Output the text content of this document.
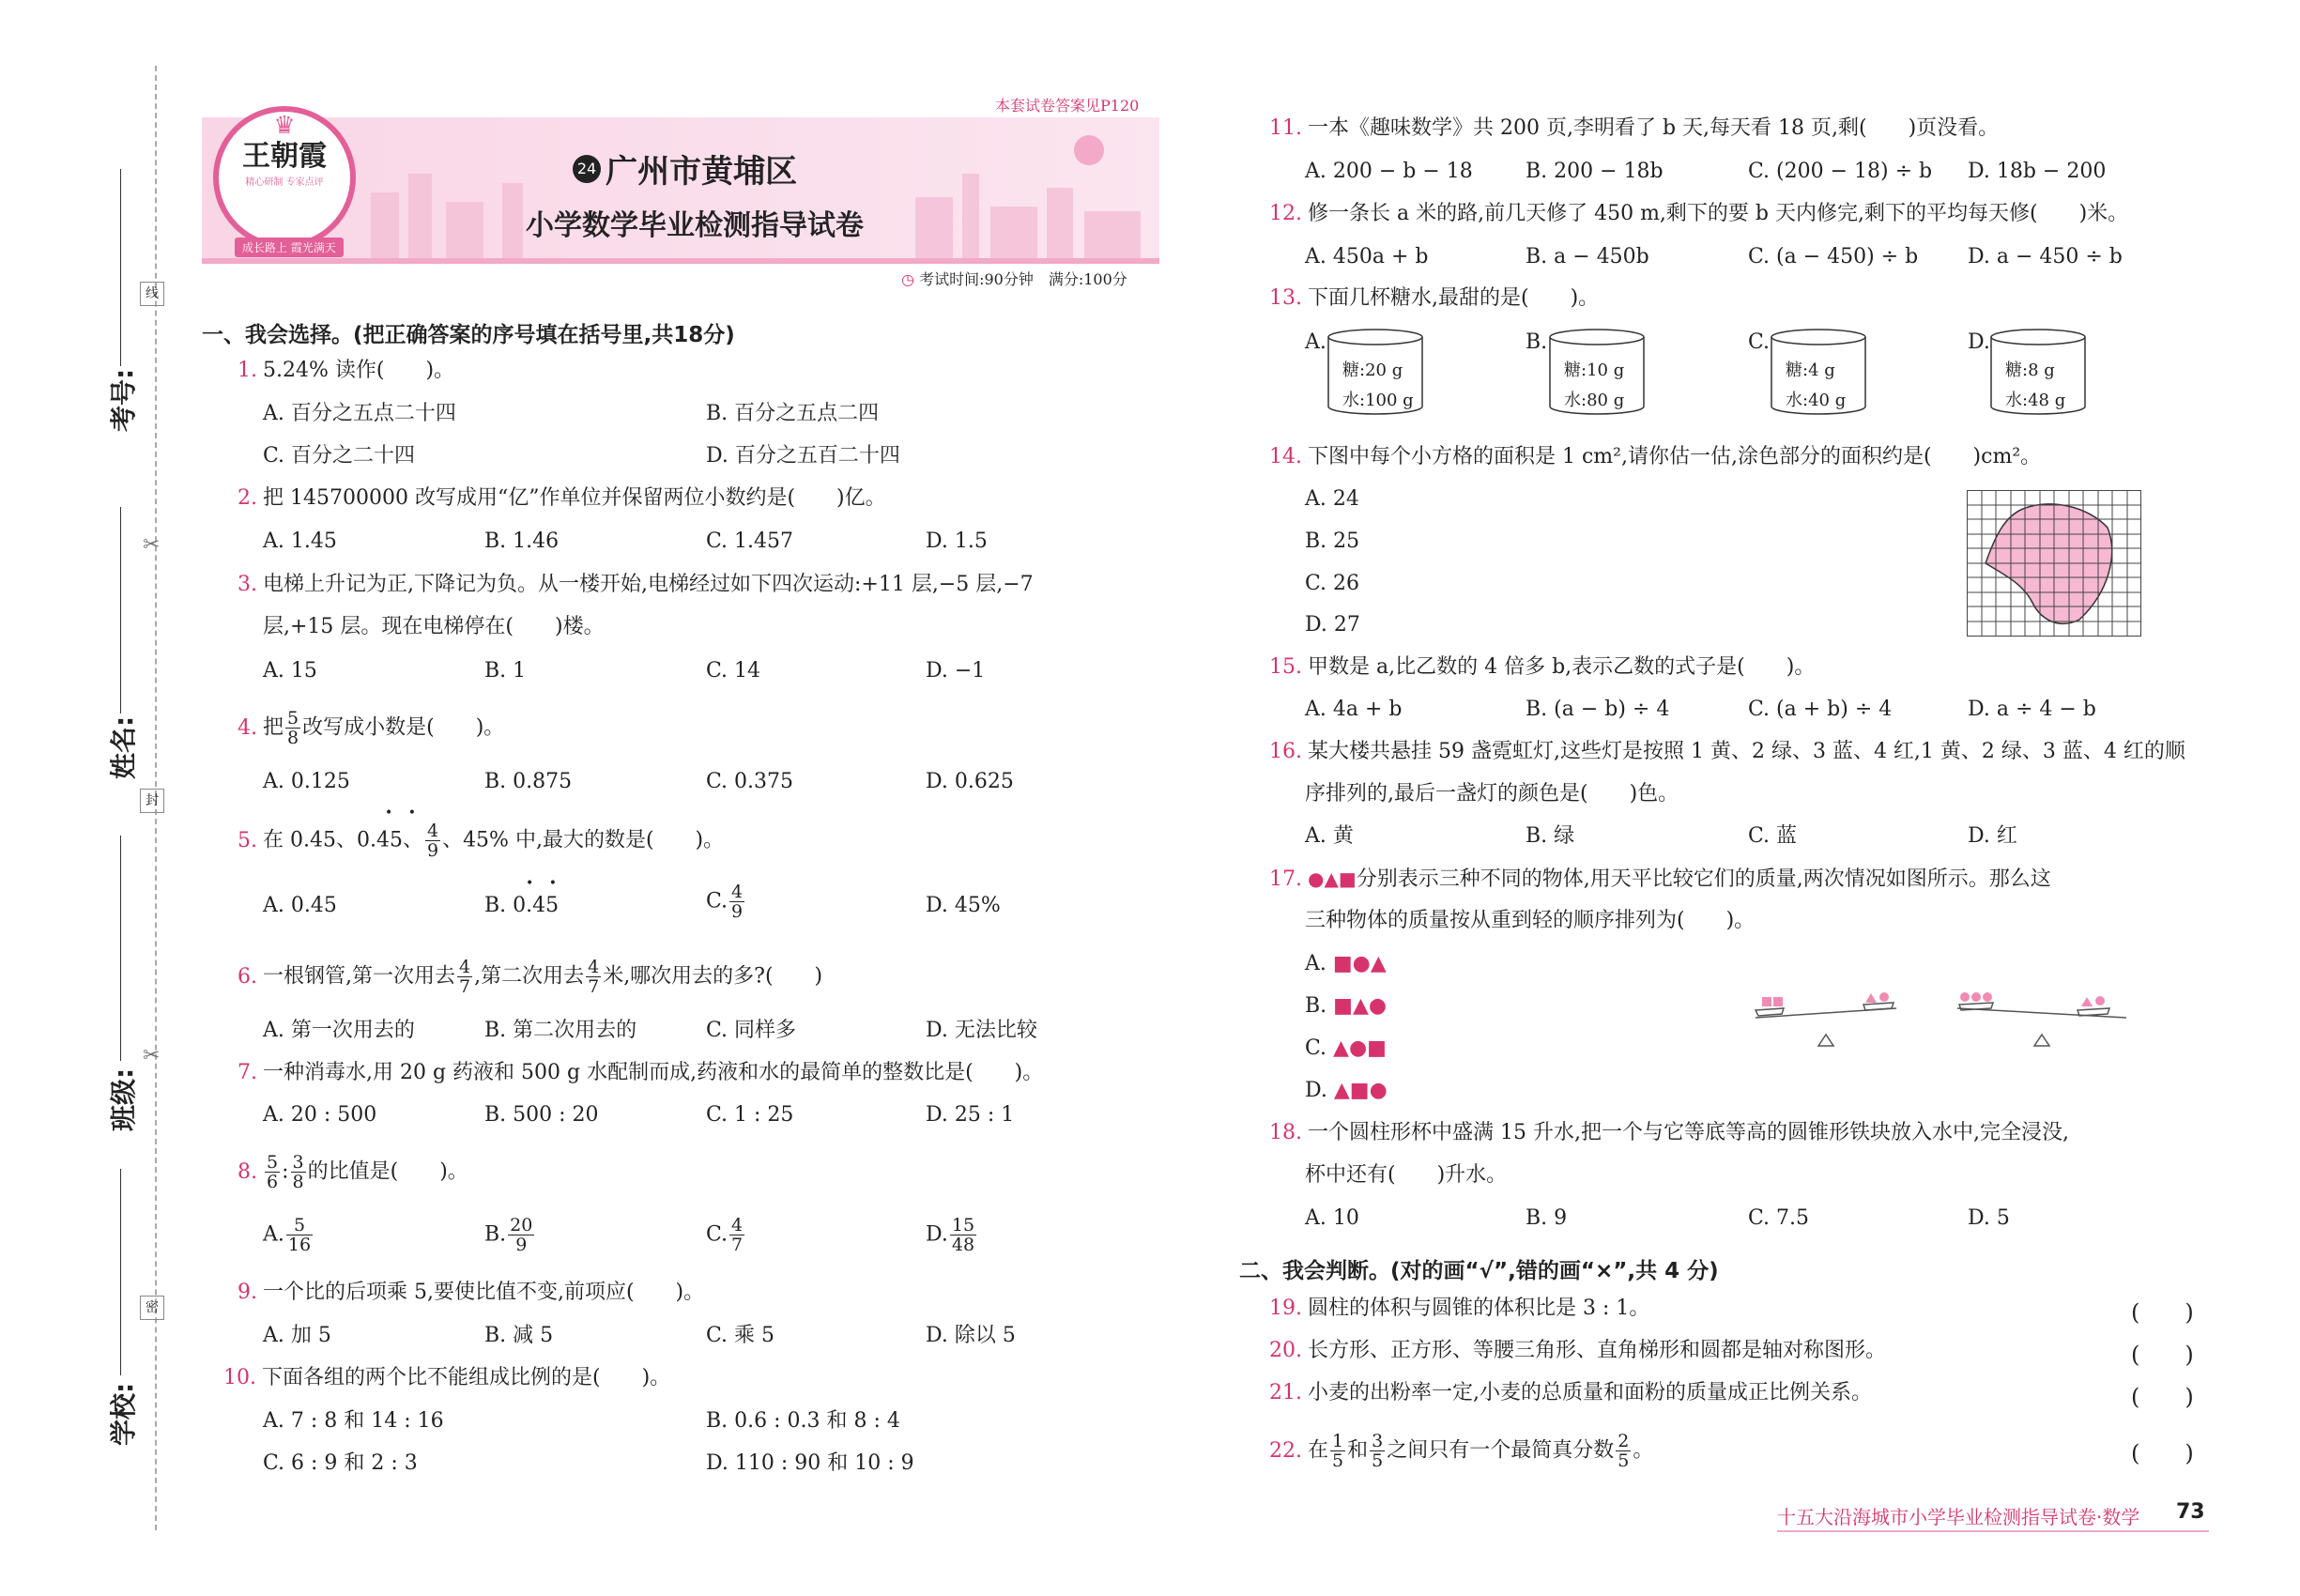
考号:
姓名:
班级:
学校:
线
封
密
✂
✂
本套试卷答案见P120
♛
王朝霞
精心研制 专家点评
成长路上 霞光满天
24 广州市黄埔区
小学数学毕业检测指导试卷
◷ 考试时间:90分钟　满分:100分
一、我会选择。(把正确答案的序号填在括号里,共18分)
1. 5.24% 读作(　　)。
A. 百分之五点二十四	B. 百分之五点二四
C. 百分之二十四	D. 百分之五百二十四
2. 把 145700000 改写成用“亿”作单位并保留两位小数约是(　　)亿。
A. 1.45	B. 1.46	C. 1.457	D. 1.5
3. 电梯上升记为正,下降记为负。从一楼开始,电梯经过如下四次运动:+11 层,−5 层,−7
层,+15 层。现在电梯停在(　　)楼。
A. 15	B. 1	C. 14	D. −1
4. 把 $\frac{5}{8}$ 改写成小数是(　　)。
A. 0.125	B. 0.875	C. 0.375	D. 0.625
5. 在 0.45、0.45、 $\frac{4}{9}$ 、45% 中,最大的数是(　　)。
• •
A. 0.45	B. 0.45
• •
C. $\frac{4}{9}$	D. 45%
6. 一根钢管,第一次用去 $\frac{4}{7}$ ,第二次用去 $\frac{4}{7}$ 米,哪次用去的多?(　　)
A. 第一次用去的	B. 第二次用去的	C. 同样多	D. 无法比较
7. 一种消毒水,用 20 g 药液和 500 g 水配制而成,药液和水的最简单的整数比是(　　)。
A. 20 : 500	B. 500 : 20	C. 1 : 25	D. 25 : 1
8. $\frac{5}{6}$ : $\frac{3}{8}$ 的比值是(　　)。
A. $\frac{5}{16}$	B. $\frac{20}{9}$	C. $\frac{4}{7}$	D. $\frac{15}{48}$
9. 一个比的后项乘 5,要使比值不变,前项应(　　)。
A. 加 5	B. 减 5	C. 乘 5	D. 除以 5
10. 下面各组的两个比不能组成比例的是(　　)。
A. 7 : 8 和 14 : 16	B. 0.6 : 0.3 和 8 : 4
C. 6 : 9 和 2 : 3	D. 110 : 90 和 10 : 9
11. 一本《趣味数学》共 200 页,李明看了 b 天,每天看 18 页,剩(　　)页没看。
A. 200 − b − 18	B. 200 − 18b	C. (200 − 18) ÷ b D. 18b − 200
12. 修一条长 a 米的路,前几天修了 450 m,剩下的要 b 天内修完,剩下的平均每天修(　　)米。
A. 450a + b	B. a − 450b	C. (a − 450) ÷ b D. a − 450 ÷ b
13. 下面几杯糖水,最甜的是(　　)。
A.	B.	C.	D.
糖:20 g
水:100 g
糖:10 g
水:80 g
糖:4 g
水:40 g
糖:8 g
水:48 g
14. 下图中每个小方格的面积是 1 cm²,请你估一估,涂色部分的面积约是(　　)cm²。
A. 24
B. 25
C. 26
D. 27
15. 甲数是 a,比乙数的 4 倍多 b,表示乙数的式子是(　　)。
A. 4a + b	B. (a − b) ÷ 4	C. (a + b) ÷ 4	D. a ÷ 4 − b
16. 某大楼共悬挂 59 盏霓虹灯,这些灯是按照 1 黄、2 绿、3 蓝、4 红,1 黄、2 绿、3 蓝、4 红的顺
序排列的,最后一盏灯的颜色是(　　)色。
A. 黄	B. 绿	C. 蓝	D. 红
17. ●▲■分别表示三种不同的物体,用天平比较它们的质量,两次情况如图所示。那么这
三种物体的质量按从重到轻的顺序排列为(　　)。
A. ■●▲
B. ■▲●
C. ▲●■
D. ▲■●
18. 一个圆柱形杯中盛满 15 升水,把一个与它等底等高的圆锥形铁块放入水中,完全浸没,
杯中还有(　　)升水。
A. 10	B. 9	C. 7.5	D. 5
二、我会判断。(对的画“√”,错的画“×”,共 4 分)
19. 圆柱的体积与圆锥的体积比是 3 : 1。	(　　)
20. 长方形、正方形、等腰三角形、直角梯形和圆都是轴对称图形。	(　　)
21. 小麦的出粉率一定,小麦的总质量和面粉的质量成正比例关系。	(　　)
22. 在 $\frac{1}{5}$ 和 $\frac{3}{5}$ 之间只有一个最简真分数 $\frac{2}{5}$ 。	(　　)
十五大沿海城市小学毕业检测指导试卷·数学 73
